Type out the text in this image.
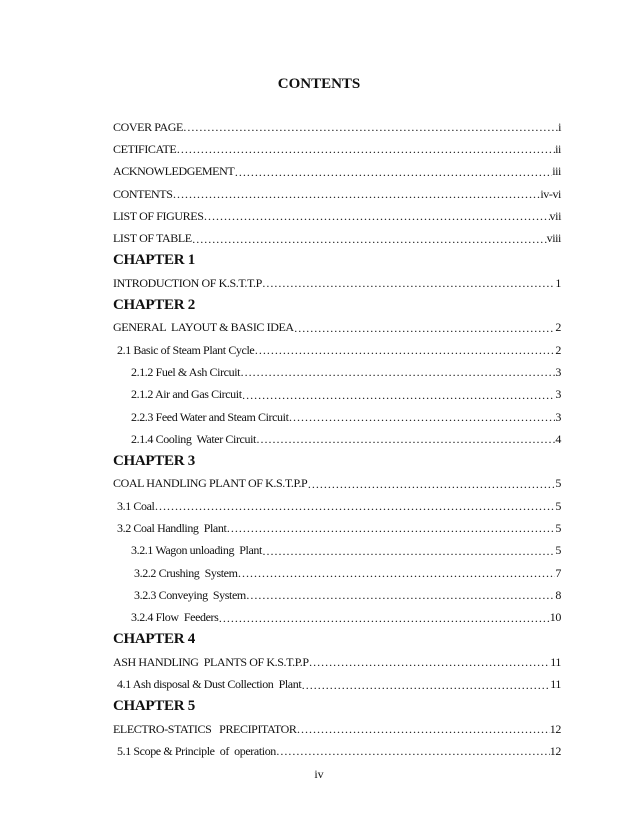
CONTENTS
COVER PAGE ……………………………………………………………………………………………………………………………………………………………	i
CETIFICATE ……………………………………………………………………………………………………………………………………………………………	ii
ACKNOWLEDGEMENT ……………………………………………………………………………………………………………………………………………………………	iii
CONTENTS ……………………………………………………………………………………………………………………………………………………………	iv-vi
LIST OF FIGURES ……………………………………………………………………………………………………………………………………………………………	vii
LIST OF TABLE ……………………………………………………………………………………………………………………………………………………………	viii
CHAPTER 1
INTRODUCTION OF K.S.T.T.P ……………………………………………………………………………………………………………………………………………………………	1
CHAPTER 2
GENERAL  LAYOUT & BASIC IDEA ……………………………………………………………………………………………………………………………………………………………	2
2.1 Basic of Steam Plant Cycle ……………………………………………………………………………………………………………………………………………………………	2
2.1.2 Fuel & Ash Circuit ……………………………………………………………………………………………………………………………………………………………	3
2.1.2 Air and Gas Circuit ……………………………………………………………………………………………………………………………………………………………	3
2.2.3 Feed Water and Steam Circuit ……………………………………………………………………………………………………………………………………………………………	3
2.1.4 Cooling  Water Circuit ……………………………………………………………………………………………………………………………………………………………	4
CHAPTER 3
COAL HANDLING PLANT OF K.S.T.P.P ……………………………………………………………………………………………………………………………………………………………	5
3.1 Coal ……………………………………………………………………………………………………………………………………………………………	5
3.2 Coal Handling  Plant ……………………………………………………………………………………………………………………………………………………………	5
3.2.1 Wagon unloading  Plant ……………………………………………………………………………………………………………………………………………………………	5
3.2.2 Crushing  System ……………………………………………………………………………………………………………………………………………………………	7
3.2.3 Conveying  System ……………………………………………………………………………………………………………………………………………………………	8
3.2.4 Flow  Feeders ……………………………………………………………………………………………………………………………………………………………	10
CHAPTER 4
ASH HANDLING  PLANTS OF K.S.T.P.P ……………………………………………………………………………………………………………………………………………………………	11
4.1 Ash disposal & Dust Collection  Plant ……………………………………………………………………………………………………………………………………………………………	11
CHAPTER 5
ELECTRO-STATICS   PRECIPITATOR ……………………………………………………………………………………………………………………………………………………………	12
5.1 Scope & Principle  of  operation ……………………………………………………………………………………………………………………………………………………………	12
iv
